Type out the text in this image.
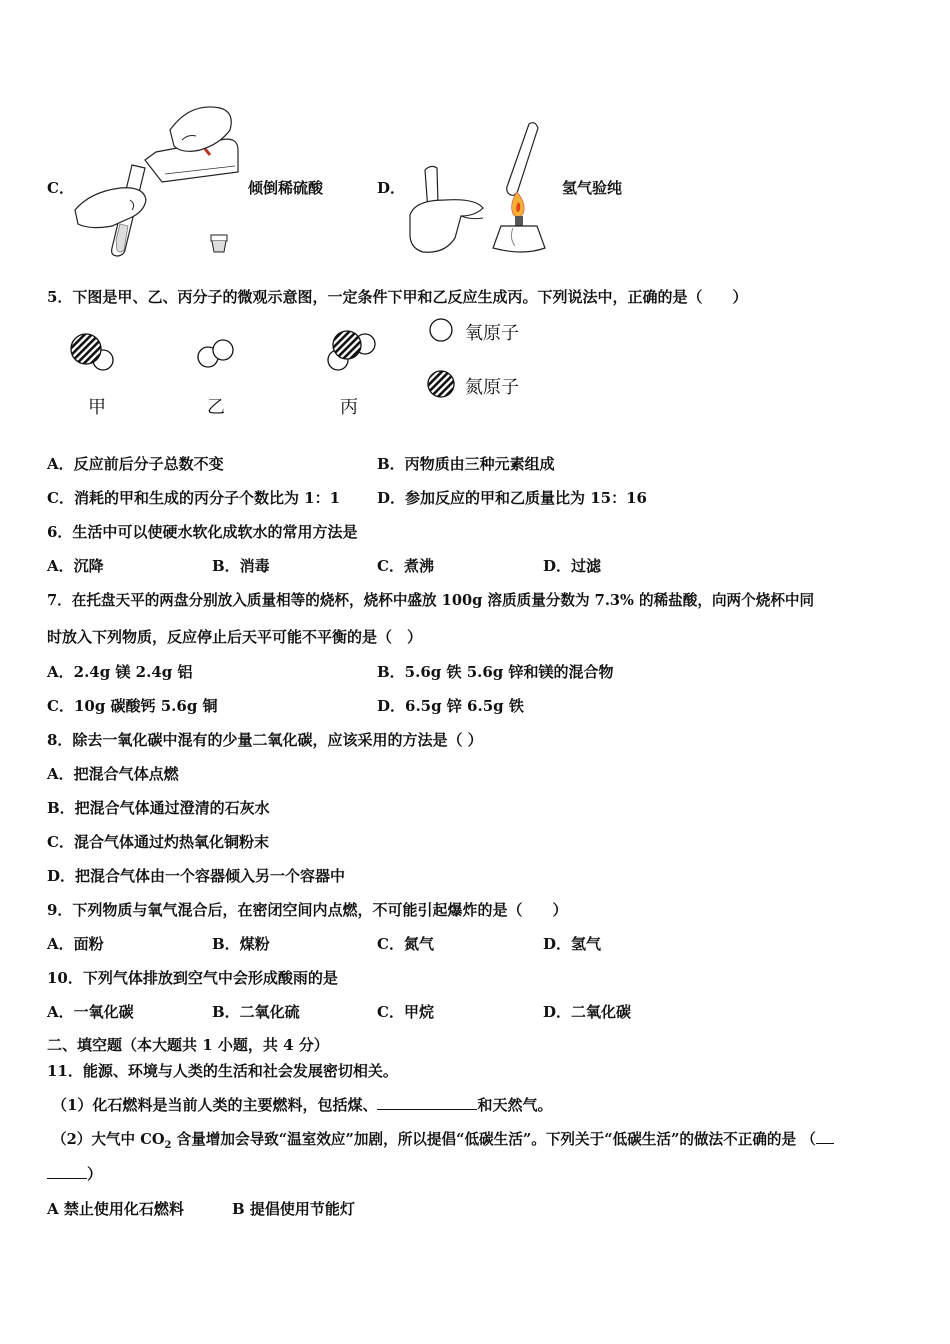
C．	倾倒稀硫酸	D．	氢气验纯
5．下图是甲、乙、丙分子的微观示意图，一定条件下甲和乙反应生成丙。下列说法中，正确的是（　　）
甲	乙	丙
氧原子
氮原子
A．反应前后分子总数不变	B．丙物质由三种元素组成
C．消耗的甲和生成的丙分子个数比为 1：1 D．参加反应的甲和乙质量比为 15：16
6．生活中可以使硬水软化成软水的常用方法是
A．沉降	B．消毒	C．煮沸	D．过滤
7．在托盘天平的两盘分别放入质量相等的烧杯，烧杯中盛放 100g 溶质质量分数为 7.3% 的稀盐酸，向两个烧杯中同
时放入下列物质，反应停止后天平可能不平衡的是（　）
A．2.4g 镁 2.4g 铝	B．5.6g 铁 5.6g 锌和镁的混合物
C．10g 碳酸钙 5.6g 铜	D．6.5g 锌 6.5g 铁
8．除去一氧化碳中混有的少量二氧化碳，应该采用的方法是（ ）
A．把混合气体点燃
B．把混合气体通过澄清的石灰水
C．混合气体通过灼热氧化铜粉末
D．把混合气体由一个容器倾入另一个容器中
9．下列物质与氧气混合后，在密闭空间内点燃，不可能引起爆炸的是（　　）
A．面粉	B．煤粉	C．氮气	D．氢气
10．下列气体排放到空气中会形成酸雨的是
A．一氧化碳	B．二氧化硫	C．甲烷	D．二氧化碳
二、填空题（本大题共 1 小题，共 4 分）
11．能源、环境与人类的生活和社会发展密切相关。
（1）化石燃料是当前人类的主要燃料，包括煤、	和天然气。
（2）大气中 $CO_2$ 含量增加会导致“温室效应”加剧，所以提倡“低碳生活”。下列关于“低碳生活”的做法不正确的是 （
）
A 禁止使用化石燃料	B 提倡使用节能灯
